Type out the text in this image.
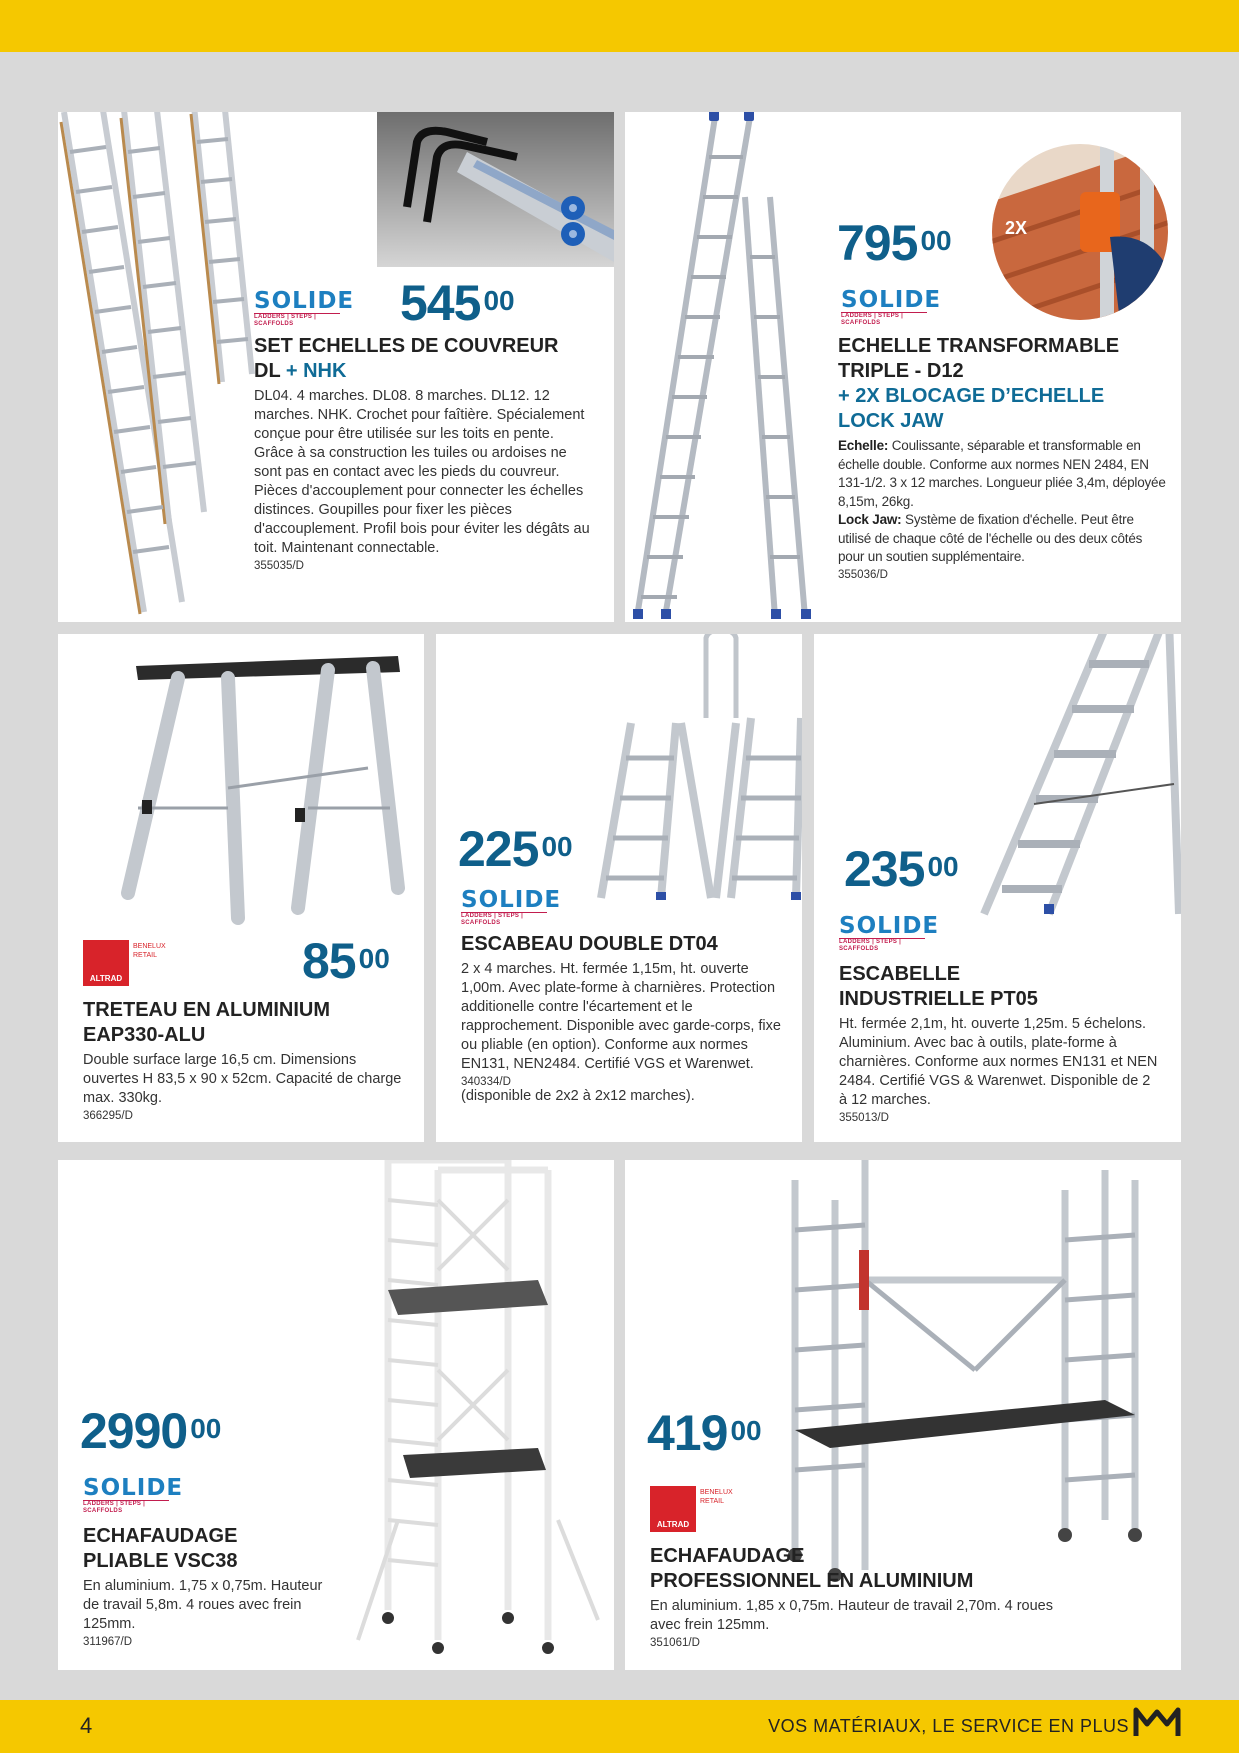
SOLIDE
LADDERS | STEPS | SCAFFOLDS	545 $^{00}$
SET ECHELLES DE COUVREUR
DL + NHK
DL04. 4 marches. DL08. 8 marches. DL12. 12 marches. NHK. Crochet pour faîtière. Spécialement conçue pour être utilisée sur les toits en pente. Grâce à sa construction les tuiles ou ardoises ne sont pas en contact avec les pieds du couvreur. Pièces d'accouplement pour connecter les échelles distinces. Goupilles pour fixer les pièces d'accouplement. Profil bois pour éviter les dégâts au toit. Maintenant connectable.
355035/D
2X
795 $^{00}$
SOLIDE
LADDERS | STEPS | SCAFFOLDS
ECHELLE TRANSFORMABLE
TRIPLE - D12
+ 2X BLOCAGE D’ECHELLE
LOCK JAW
Echelle: Coulissante, séparable et transformable en échelle double. Conforme aux normes NEN 2484, EN 131-1/2. 3 x 12 marches. Longueur pliée 3,4m, déployée 8,15m, 26kg.
Lock Jaw: Système de fixation d'échelle. Peut être utilisé de chaque côté de l'échelle ou des deux côtés pour un soutien supplémentaire.
355036/D
ALTRAD
BENELUX
RETAIL	85 $^{00}$
TRETEAU EN ALUMINIUM
EAP330-ALU
Double surface large 16,5 cm. Dimensions ouvertes H 83,5 x 90 x 52cm. Capacité de charge max. 330kg.
366295/D
225 $^{00}$
SOLIDE
LADDERS | STEPS | SCAFFOLDS
ESCABEAU DOUBLE DT04
2 x 4 marches. Ht. fermée 1,15m, ht. ouverte 1,00m. Avec plate-forme à charnières. Protection additionelle contre l'écartement et le rapprochement. Disponible avec garde-corps, fixe ou pliable (en option). Conforme aux normes EN131, NEN2484. Certifié VGS et Warenwet.
340334/D
(disponible de 2x2 à 2x12 marches).
235 $^{00}$
SOLIDE
LADDERS | STEPS | SCAFFOLDS
ESCABELLE
INDUSTRIELLE PT05
Ht. fermée 2,1m, ht. ouverte 1,25m. 5 échelons. Aluminium. Avec bac à outils, plate-forme à charnières. Conforme aux normes EN131 et NEN 2484. Certifié VGS & Warenwet. Disponible de 2 à 12 marches.
355013/D
2990 $^{00}$
SOLIDE
LADDERS | STEPS | SCAFFOLDS
ECHAFAUDAGE
PLIABLE VSC38
En aluminium. 1,75 x 0,75m. Hauteur de travail 5,8m. 4 roues avec frein 125mm.
311967/D
419 $^{00}$
ALTRAD
BENELUX
RETAIL
ECHAFAUDAGE
PROFESSIONNEL EN ALUMINIUM
En aluminium. 1,85 x 0,75m. Hauteur de travail 2,70m. 4 roues avec frein 125mm.
351061/D
4	VOS MATÉRIAUX, LE SERVICE EN PLUS
